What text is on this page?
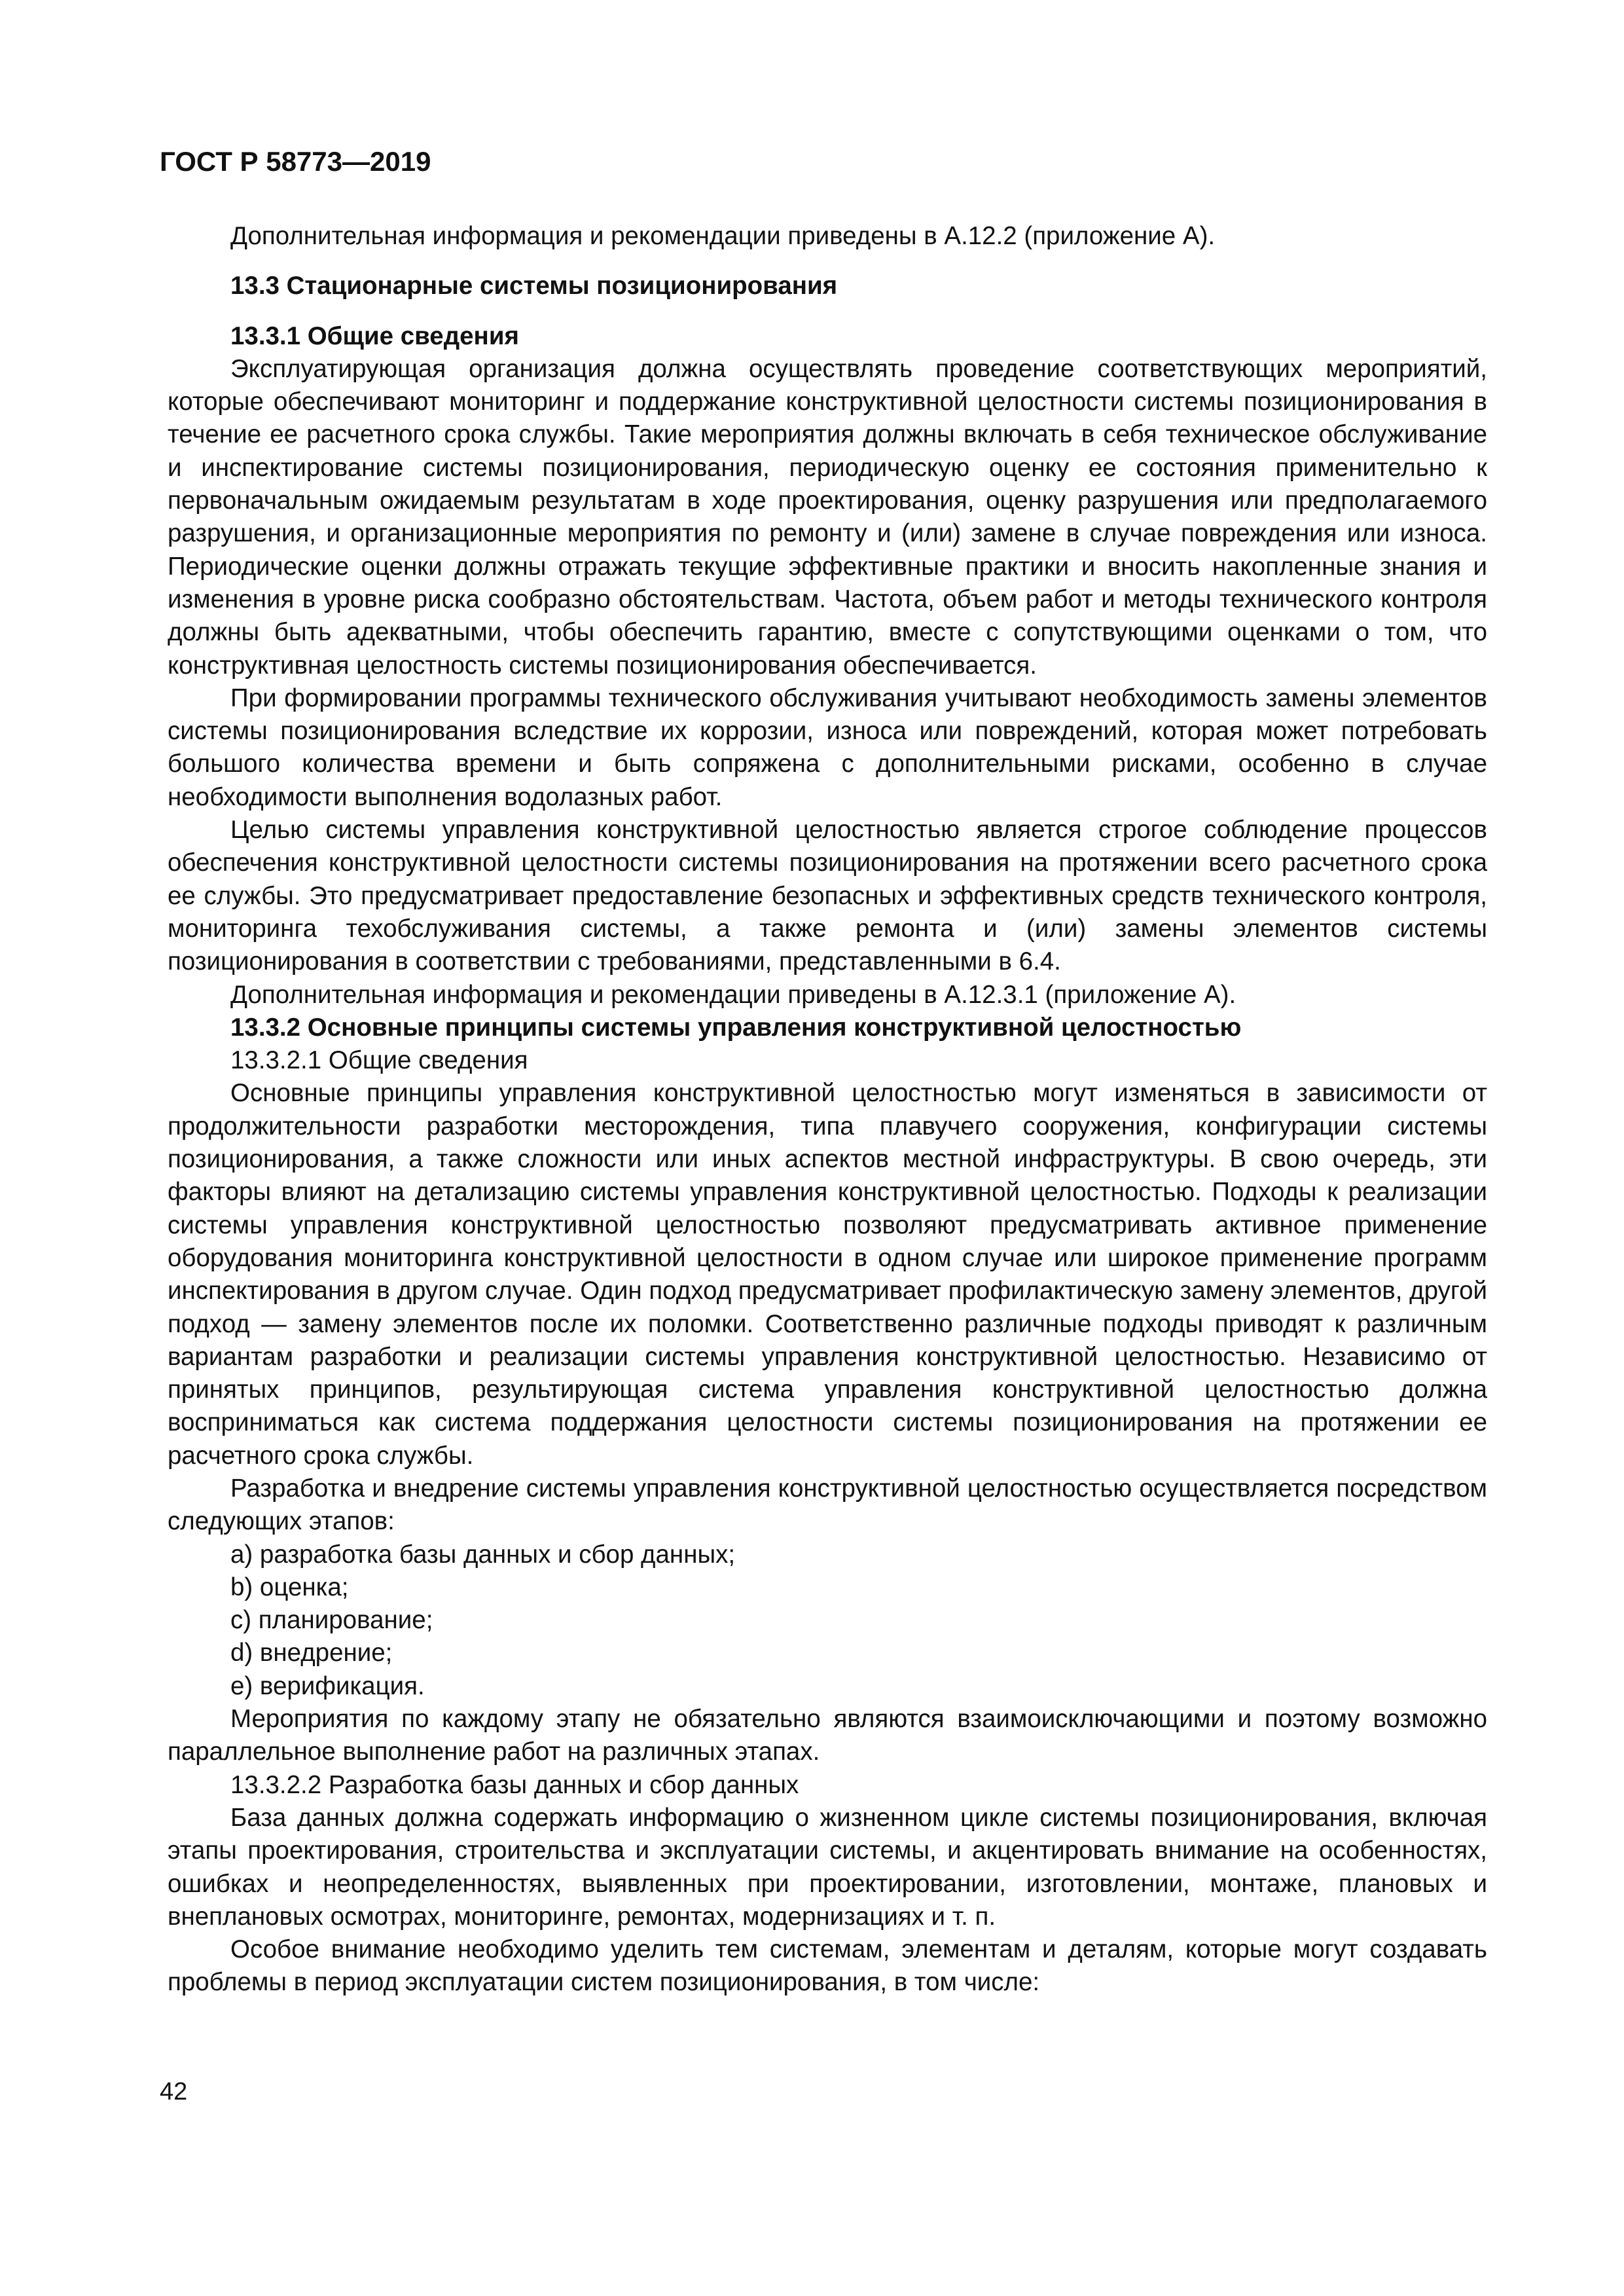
ГОСТ Р 58773—2019

Дополнительная информация и рекомендации приведены в А.12.2 (приложение А).

13.3 Стационарные системы позиционирования

13.3.1 Общие сведения

Эксплуатирующая организация должна осуществлять проведение соответствующих мероприятий, которые обеспечивают мониторинг и поддержание конструктивной целостности системы позиционирования в течение ее расчетного срока службы. Такие мероприятия должны включать в себя техническое обслуживание и инспектирование системы позиционирования, периодическую оценку ее состояния применительно к первоначальным ожидаемым результатам в ходе проектирования, оценку разрушения или предполагаемого разрушения, и организационные мероприятия по ремонту и (или) замене в случае повреждения или износа. Периодические оценки должны отражать текущие эффективные практики и вносить накопленные знания и изменения в уровне риска сообразно обстоятельствам. Частота, объем работ и методы технического контроля должны быть адекватными, чтобы обеспечить гарантию, вместе с сопутствующими оценками о том, что конструктивная целостность системы позиционирования обеспечивается.

При формировании программы технического обслуживания учитывают необходимость замены элементов системы позиционирования вследствие их коррозии, износа или повреждений, которая может потребовать большого количества времени и быть сопряжена с дополнительными рисками, особенно в случае необходимости выполнения водолазных работ.

Целью системы управления конструктивной целостностью является строгое соблюдение процессов обеспечения конструктивной целостности системы позиционирования на протяжении всего расчетного срока ее службы. Это предусматривает предоставление безопасных и эффективных средств технического контроля, мониторинга техобслуживания системы, а также ремонта и (или) замены элементов системы позиционирования в соответствии с требованиями, представленными в 6.4.

Дополнительная информация и рекомендации приведены в А.12.3.1 (приложение А).

13.3.2 Основные принципы системы управления конструктивной целостностью

13.3.2.1 Общие сведения

Основные принципы управления конструктивной целостностью могут изменяться в зависимости от продолжительности разработки месторождения, типа плавучего сооружения, конфигурации системы позиционирования, а также сложности или иных аспектов местной инфраструктуры. В свою очередь, эти факторы влияют на детализацию системы управления конструктивной целостностью. Подходы к реализации системы управления конструктивной целостностью позволяют предусматривать активное применение оборудования мониторинга конструктивной целостности в одном случае или широкое применение программ инспектирования в другом случае. Один подход предусматривает профилактическую замену элементов, другой подход — замену элементов после их поломки. Соответственно различные подходы приводят к различным вариантам разработки и реализации системы управления конструктивной целостностью. Независимо от принятых принципов, результирующая система управления конструктивной целостностью должна восприниматься как система поддержания целостности системы позиционирования на протяжении ее расчетного срока службы.

Разработка и внедрение системы управления конструктивной целостностью осуществляется посредством следующих этапов:

a) разработка базы данных и сбор данных;

b) оценка;

c) планирование;

d) внедрение;

e) верификация.

Мероприятия по каждому этапу не обязательно являются взаимоисключающими и поэтому возможно параллельное выполнение работ на различных этапах.

13.3.2.2 Разработка базы данных и сбор данных

База данных должна содержать информацию о жизненном цикле системы позиционирования, включая этапы проектирования, строительства и эксплуатации системы, и акцентировать внимание на особенностях, ошибках и неопределенностях, выявленных при проектировании, изготовлении, монтаже, плановых и внеплановых осмотрах, мониторинге, ремонтах, модернизациях и т. п.

Особое внимание необходимо уделить тем системам, элементам и деталям, которые могут создавать проблемы в период эксплуатации систем позиционирования, в том числе:

42
